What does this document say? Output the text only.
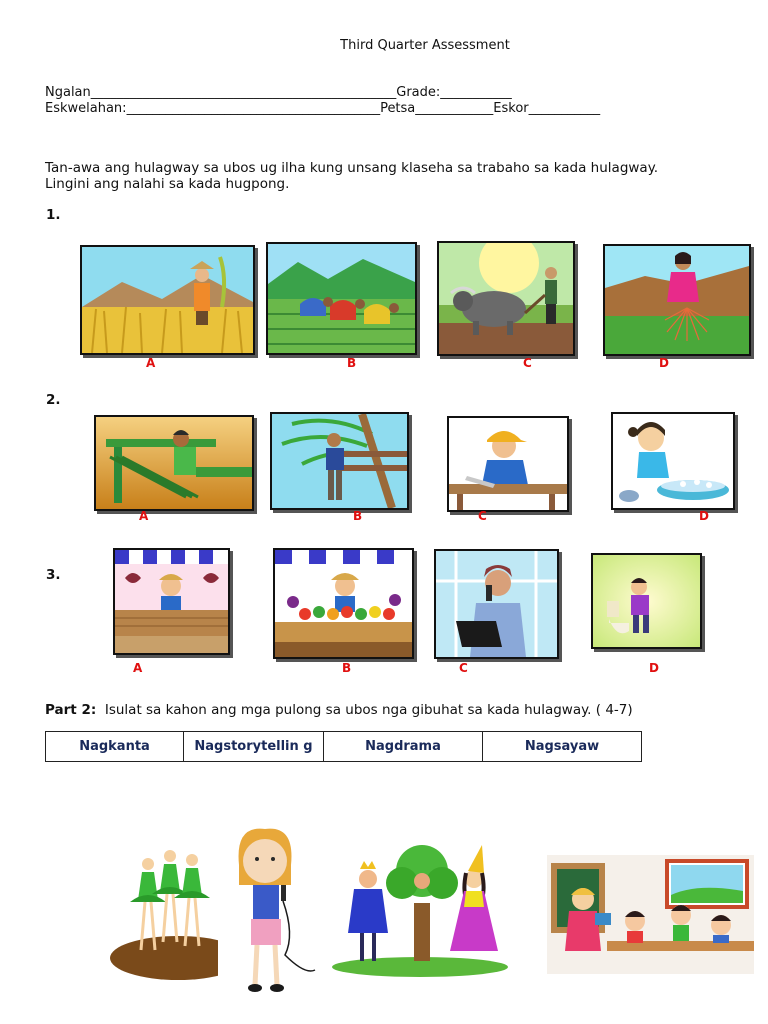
Third Quarter Assessment
Ngalan_______________________________________________Grade:___________
Eskwelahan:_______________________________________Petsa____________Eskor___________
Tan-awa ang hulagway sa ubos ug ilha kung unsang klaseha sa trabaho sa kada hulagway. Lingini ang nalahi sa kada hugpong.
1.
A	B	C	D
2.
A	B	C	D
3.
A	B	C	D
Part 2: Isulat sa kahon ang mga pulong sa ubos nga gibuhat sa kada hulagway. ( 4-7)
Nagkanta	Nagstorytellin g	Nagdrama	Nagsayaw
